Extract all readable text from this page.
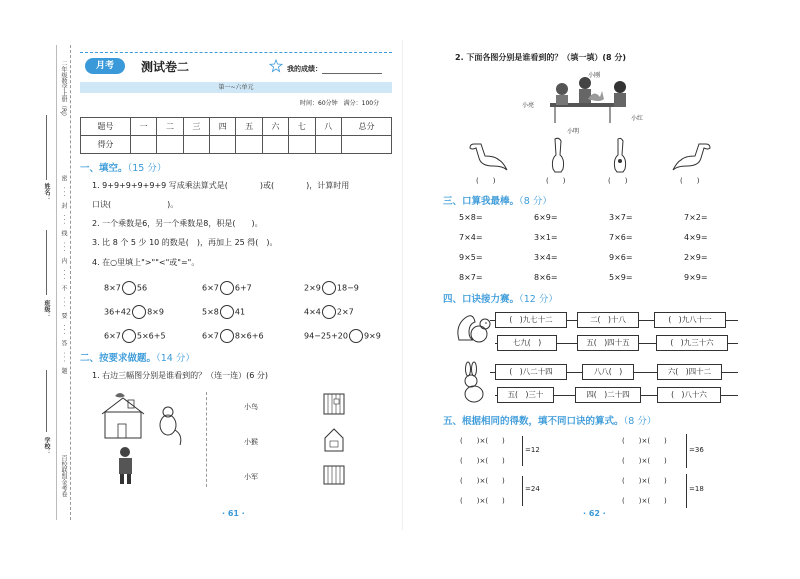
二年级数学上册（RJ）
密 ··· 封 ··· 线 ··· 内 ··· 不 ··· 要 ··· 答 ··· 题
百校联盟金考卷
姓名：
班级：
学校：
月考	测试卷二	我的成绩：
第一~六单元
时间：60分钟　满分：100分
题号	一	二	三	四	五	六	七	八	总分
得分									
一、填空。（15 分）
1. 9+9+9+9+9+9 写成乘法算式是(　　　　)或(　　　　)，计算时用
口诀(　　　　　　　)。
2. 一个乘数是6，另一个乘数是8，积是(　　)。
3. 比 8 个 5 少 10 的数是(　)，再加上 25 得(　)。
4. 在○里填上">""<"或"="。
8×7 56	6×7 6+7	2×9 18−9
36+42 8×9	5×8 41	4×4 2×7
6×7 5×6+5	6×7 8×6+6	94−25+20 9×9
二、按要求做题。（14 分）
1. 右边三幅图分别是谁看到的？（连一连）(6 分)
小鸟
小猴
小军
· 61 ·
2. 下面各图分别是谁看到的？（填一填）(8 分)
小刚
小亮
小明
小红
(　　)	(　　)	(　　)	(　　)
三、口算我最棒。（8 分）
5×8=	6×9=	3×7=	7×2=
7×4=	3×1=	7×6=	4×9=
9×5=	3×4=	9×6=	2×9=
8×7=	8×6=	5×9=	9×9=
四、口诀接力赛。（12 分）
(　)九七十二	二(　)十八	(　)九八十一
七九(　)	五(　)四十五	(　)九三十六
(　)八二十四	八八(　)	六(　)四十二
五(　)三十	四(　)二十四	(　)八十六
五、根据相同的得数，填不同口诀的算式。（8 分）
(　　)×(　　)
(　　)×(　　)
=12
(　　)×(　　)
(　　)×(　　)
=36
(　　)×(　　)
(　　)×(　　)
=24
(　　)×(　　)
(　　)×(　　)
=18
· 62 ·
